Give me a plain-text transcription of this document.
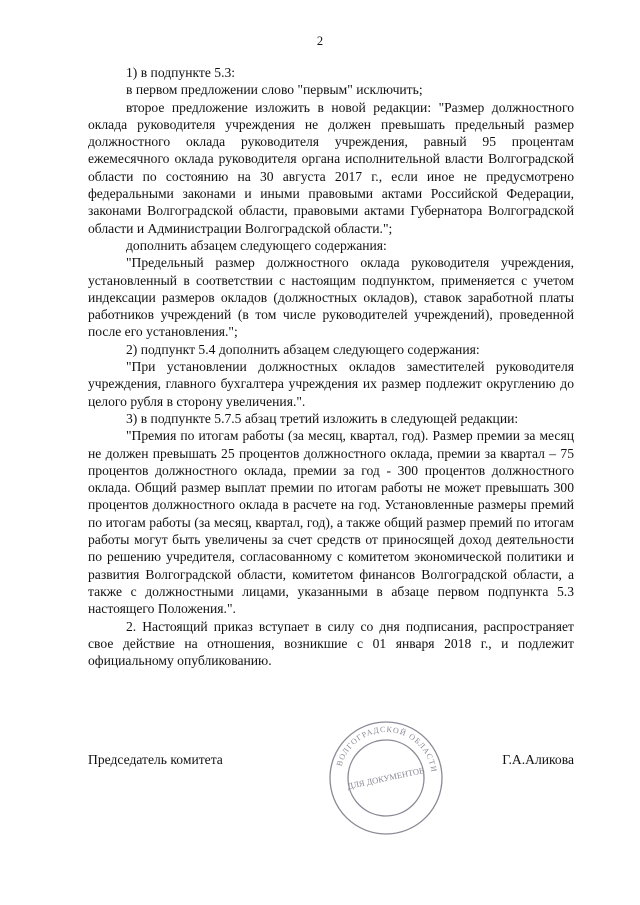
2

1) в подпункте 5.3:

в первом предложении слово "первым" исключить;

второе предложение изложить в новой редакции: "Размер должностного оклада руководителя учреждения не должен превышать предельный размер должностного оклада руководителя учреждения, равный 95 процентам ежемесячного оклада руководителя органа исполнительной власти Волгоградской области по состоянию на 30 августа 2017 г., если иное не предусмотрено федеральными законами и иными правовыми актами Российской Федерации, законами Волгоградской области, правовыми актами Губернатора Волгоградской области и Администрации Волгоградской области.";

дополнить абзацем следующего содержания:

"Предельный размер должностного оклада руководителя учреждения, установленный в соответствии с настоящим подпунктом, применяется с учетом индексации размеров окладов (должностных окладов), ставок заработной платы работников учреждений (в том числе руководителей учреждений), проведенной после его установления.";

2) подпункт 5.4 дополнить абзацем следующего содержания:

"При установлении должностных окладов заместителей руководителя учреждения, главного бухгалтера учреждения их размер подлежит округлению до целого рубля в сторону увеличения.".

3) в подпункте 5.7.5 абзац третий изложить в следующей редакции:

"Премия по итогам работы (за месяц, квартал, год). Размер премии за месяц не должен превышать 25 процентов должностного оклада, премии за квартал – 75 процентов должностного оклада, премии за год - 300 процентов должностного оклада. Общий размер выплат премии по итогам работы не может превышать 300 процентов должностного оклада в расчете на год. Установленные размеры премий по итогам работы (за месяц, квартал, год), а также общий размер премий по итогам работы могут быть увеличены за счет средств от приносящей доход деятельности по решению учредителя, согласованному с комитетом экономической политики и развития Волгоградской области, комитетом финансов Волгоградской области, а также с должностными лицами, указанными в абзаце первом подпункта 5.3 настоящего Положения.".

2. Настоящий приказ вступает в силу со дня подписания, распространяет свое действие на отношения, возникшие с 01 января 2018 г., и подлежит официальному опубликованию.

Председатель комитета	Г.А.Аликова
ВОЛГОГРАДСКОЙ ОБЛАСТИ
ДЛЯ ДОКУМЕНТОВ
